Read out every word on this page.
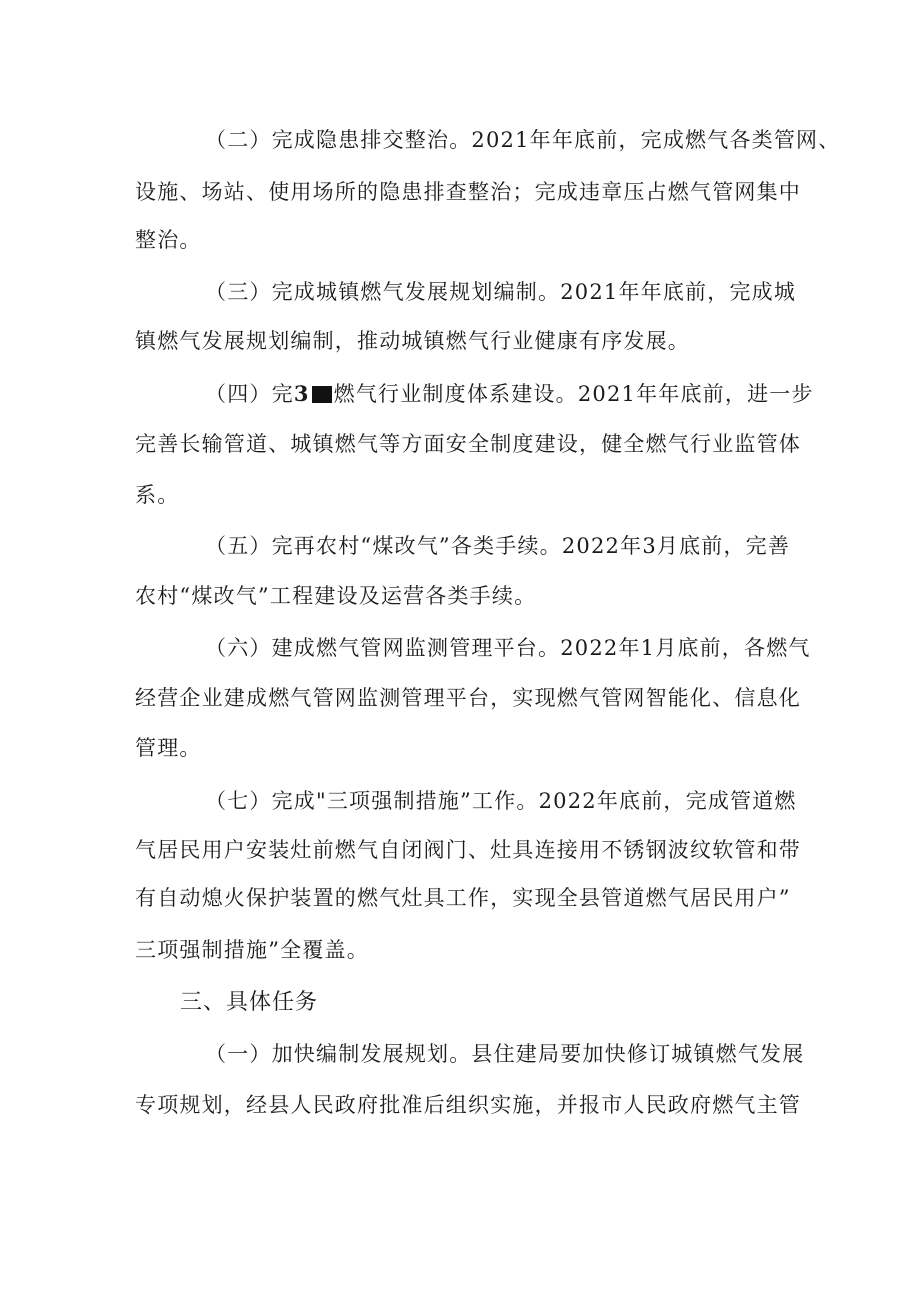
（二）完成隐患排交整治。2021年年底前，完成燃气各类管网、
设施、场站、使用场所的隐患排查整治；完成违章压占燃气管网集中
整治。
（三）完成城镇燃气发展规划编制。2021年年底前，完成城
镇燃气发展规划编制，推动城镇燃气行业健康有序发展。
（四）完3 燃气行业制度体系建设。2021年年底前，进一步
完善长输管道、城镇燃气等方面安全制度建设，健全燃气行业监管体
系。
（五）完再农村“煤改气”各类手续。2022年3月底前，完善
农村“煤改气”工程建设及运营各类手续。
（六）建成燃气管网监测管理平台。2022年1月底前，各燃气
经营企业建成燃气管网监测管理平台，实现燃气管网智能化、信息化
管理。
（七）完成"三项强制措施”工作。2022年底前，完成管道燃
气居民用户安装灶前燃气自闭阀门、灶具连接用不锈钢波纹软管和带
有自动熄火保护装置的燃气灶具工作，实现全县管道燃气居民用户”
三项强制措施”全覆盖。
三、具体任务
（一）加快编制发展规划。县住建局要加快修订城镇燃气发展
专项规划，经县人民政府批准后组织实施，并报市人民政府燃气主管
